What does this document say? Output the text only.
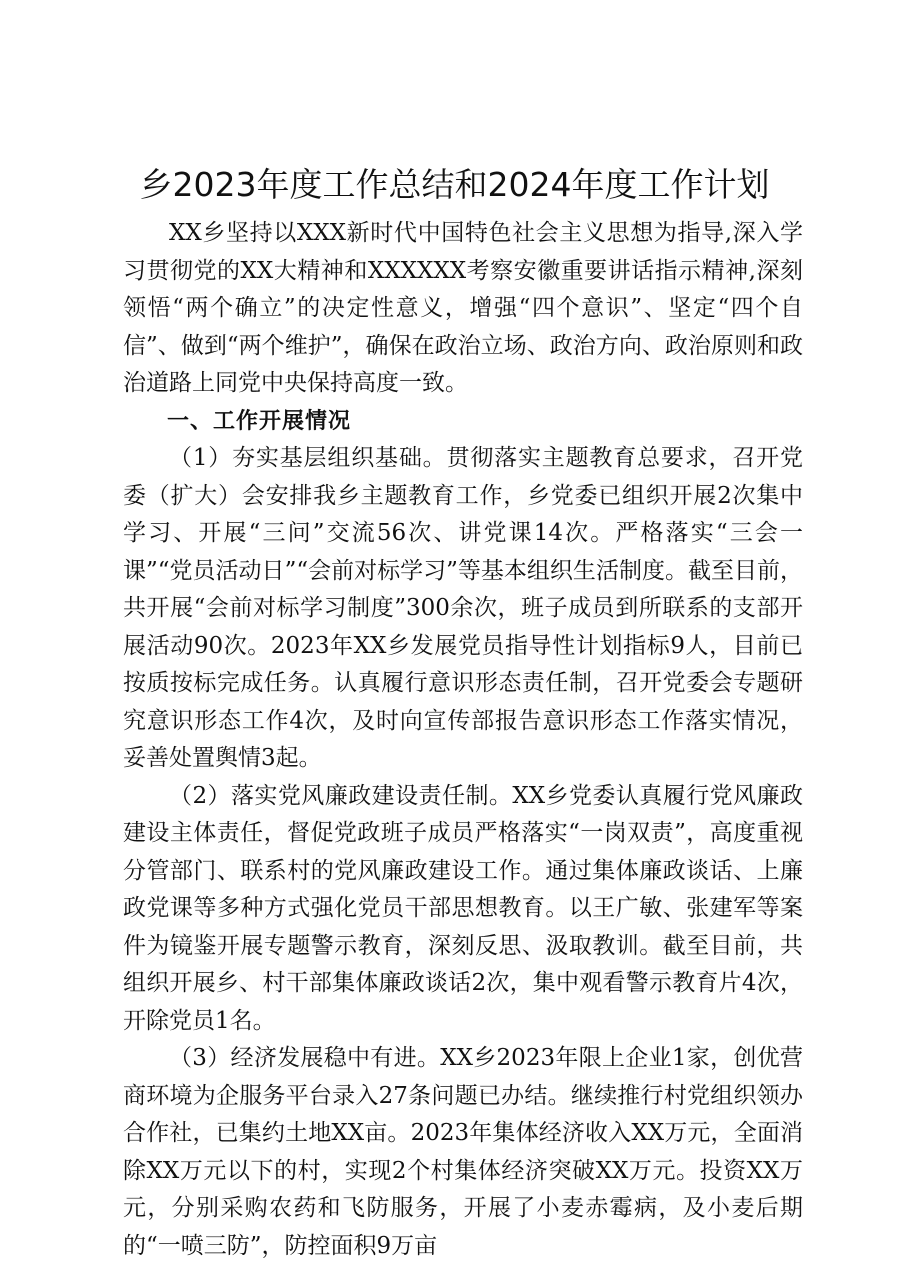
乡2023年度工作总结和2024年度工作计划

XX乡坚持以XXX新时代中国特色社会主义思想为指导,深入学习贯彻党的XX大精神和XXXXXX考察安徽重要讲话指示精神,深刻领悟“两个确立”的决定性意义，增强“四个意识”、坚定“四个自信”、做到“两个维护”，确保在政治立场、政治方向、政治原则和政治道路上同党中央保持高度一致。

一、工作开展情况

（1）夯实基层组织基础。贯彻落实主题教育总要求，召开党委（扩大）会安排我乡主题教育工作，乡党委已组织开展2次集中学习、开展“三问”交流56次、讲党课14次。严格落实“三会一课”“党员活动日”“会前对标学习”等基本组织生活制度。截至目前，共开展“会前对标学习制度”300余次，班子成员到所联系的支部开展活动90次。2023年XX乡发展党员指导性计划指标9人，目前已按质按标完成任务。认真履行意识形态责任制，召开党委会专题研究意识形态工作4次，及时向宣传部报告意识形态工作落实情况，妥善处置舆情3起。

（2）落实党风廉政建设责任制。XX乡党委认真履行党风廉政建设主体责任，督促党政班子成员严格落实“一岗双责”，高度重视分管部门、联系村的党风廉政建设工作。通过集体廉政谈话、上廉政党课等多种方式强化党员干部思想教育。以王广敏、张建军等案件为镜鉴开展专题警示教育，深刻反思、汲取教训。截至目前，共组织开展乡、村干部集体廉政谈话2次，集中观看警示教育片4次，开除党员1名。

（3）经济发展稳中有进。XX乡2023年限上企业1家，创优营商环境为企服务平台录入27条问题已办结。继续推行村党组织领办合作社，已集约土地XX亩。2023年集体经济收入XX万元，全面消除XX万元以下的村，实现2个村集体经济突破XX万元。投资XX万元，分别采购农药和飞防服务，开展了小麦赤霉病，及小麦后期的“一喷三防”，防控面积9万亩
